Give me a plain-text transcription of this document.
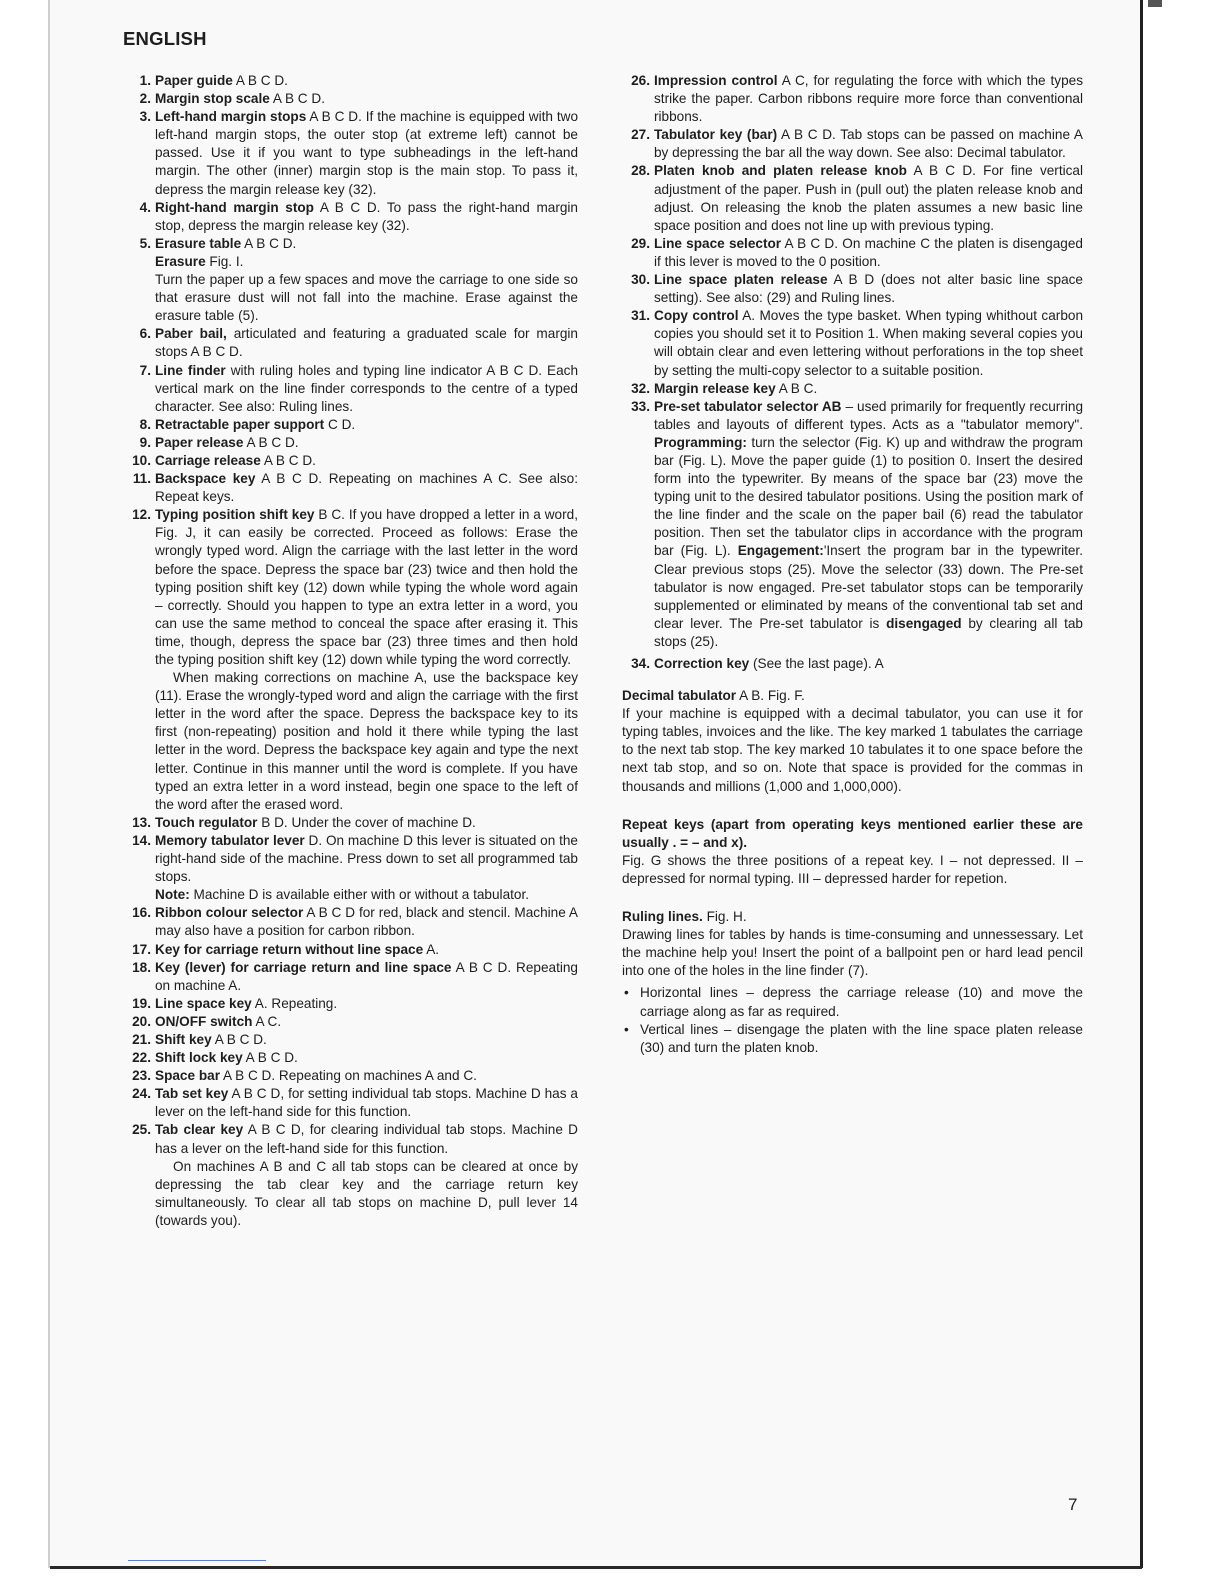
ENGLISH
1. Paper guide A B C D.
2. Margin stop scale A B C D.
3. Left-hand margin stops A B C D. If the machine is equipped with two left-hand margin stops, the outer stop (at extreme left) cannot be passed. Use it if you want to type subheadings in the left-hand margin. The other (inner) margin stop is the main stop. To pass it, depress the margin release key (32).
4. Right-hand margin stop A B C D. To pass the right-hand margin stop, depress the margin release key (32).
5. Erasure table A B C D.
Erasure Fig. I.
Turn the paper up a few spaces and move the carriage to one side so that erasure dust will not fall into the machine. Erase against the erasure table (5).
6. Paber bail, articulated and featuring a graduated scale for margin stops A B C D.
7. Line finder with ruling holes and typing line indicator A B C D. Each vertical mark on the line finder corresponds to the centre of a typed character. See also: Ruling lines.
8. Retractable paper support C D.
9. Paper release A B C D.
10. Carriage release A B C D.
11. Backspace key A B C D. Repeating on machines A C. See also: Repeat keys.
12. Typing position shift key B C. If you have dropped a letter in a word, Fig. J, it can easily be corrected. Proceed as follows: Erase the wrongly typed word. Align the carriage with the last letter in the word before the space. Depress the space bar (23) twice and then hold the typing position shift key (12) down while typing the whole word again – correctly. Should you happen to type an extra letter in a word, you can use the same method to conceal the space after erasing it. This time, though, depress the space bar (23) three times and then hold the typing position shift key (12) down while typing the word correctly.
When making corrections on machine A, use the backspace key (11). Erase the wrongly-typed word and align the carriage with the first letter in the word after the space. Depress the backspace key to its first (non-repeating) position and hold it there while typing the last letter in the word. Depress the backspace key again and type the next letter. Continue in this manner until the word is complete. If you have typed an extra letter in a word instead, begin one space to the left of the word after the erased word.
13. Touch regulator B D. Under the cover of machine D.
14. Memory tabulator lever D. On machine D this lever is situated on the right-hand side of the machine. Press down to set all programmed tab stops.
Note: Machine D is available either with or without a tabulator.
16. Ribbon colour selector A B C D for red, black and stencil. Machine A may also have a position for carbon ribbon.
17. Key for carriage return without line space A.
18. Key (lever) for carriage return and line space A B C D. Repeating on machine A.
19. Line space key A. Repeating.
20. ON/OFF switch A C.
21. Shift key A B C D.
22. Shift lock key A B C D.
23. Space bar A B C D. Repeating on machines A and C.
24. Tab set key A B C D, for setting individual tab stops. Machine D has a lever on the left-hand side for this function.
25. Tab clear key A B C D, for clearing individual tab stops. Machine D has a lever on the left-hand side for this function.
On machines A B and C all tab stops can be cleared at once by depressing the tab clear key and the carriage return key simultaneously. To clear all tab stops on machine D, pull lever 14 (towards you).
26. Impression control A C, for regulating the force with which the types strike the paper. Carbon ribbons require more force than conventional ribbons.
27. Tabulator key (bar) A B C D. Tab stops can be passed on machine A by depressing the bar all the way down. See also: Decimal tabulator.
28. Platen knob and platen release knob A B C D. For fine vertical adjustment of the paper. Push in (pull out) the platen release knob and adjust. On releasing the knob the platen assumes a new basic line space position and does not line up with previous typing.
29. Line space selector A B C D. On machine C the platen is disengaged if this lever is moved to the 0 position.
30. Line space platen release A B D (does not alter basic line space setting). See also: (29) and Ruling lines.
31. Copy control A. Moves the type basket. When typing whithout carbon copies you should set it to Position 1. When making several copies you will obtain clear and even lettering without perforations in the top sheet by setting the multi-copy selector to a suitable position.
32. Margin release key A B C.
33. Pre-set tabulator selector AB – used primarily for frequently recurring tables and layouts of different types. Acts as a "tabulator memory". Programming: turn the selector (Fig. K) up and withdraw the program bar (Fig. L). Move the paper guide (1) to position 0. Insert the desired form into the typewriter. By means of the space bar (23) move the typing unit to the desired tabulator positions. Using the position mark of the line finder and the scale on the paper bail (6) read the tabulator position. Then set the tabulator clips in accordance with the program bar (Fig. L). Engagement:'Insert the program bar in the typewriter. Clear previous stops (25). Move the selector (33) down. The Pre-set tabulator is now engaged. Pre-set tabulator stops can be temporarily supplemented or eliminated by means of the conventional tab set and clear lever. The Pre-set tabulator is disengaged by clearing all tab stops (25).
34. Correction key (See the last page). A

Decimal tabulator A B. Fig. F.

If your machine is equipped with a decimal tabulator, you can use it for typing tables, invoices and the like. The key marked 1 tabulates the carriage to the next tab stop. The key marked 10 tabulates it to one space before the next tab stop, and so on. Note that space is provided for the commas in thousands and millions (1,000 and 1,000,000).

Repeat keys (apart from operating keys mentioned earlier these are usually . = – and x).

Fig. G shows the three positions of a repeat key. I – not depressed. II – depressed for normal typing. III – depressed harder for repetion.

Ruling lines. Fig. H.

Drawing lines for tables by hands is time-consuming and unnessessary. Let the machine help you! Insert the point of a ballpoint pen or hard lead pencil into one of the holes in the line finder (7).

• Horizontal lines – depress the carriage release (10) and move the carriage along as far as required.
• Vertical lines – disengage the platen with the line space platen release (30) and turn the platen knob.
7
